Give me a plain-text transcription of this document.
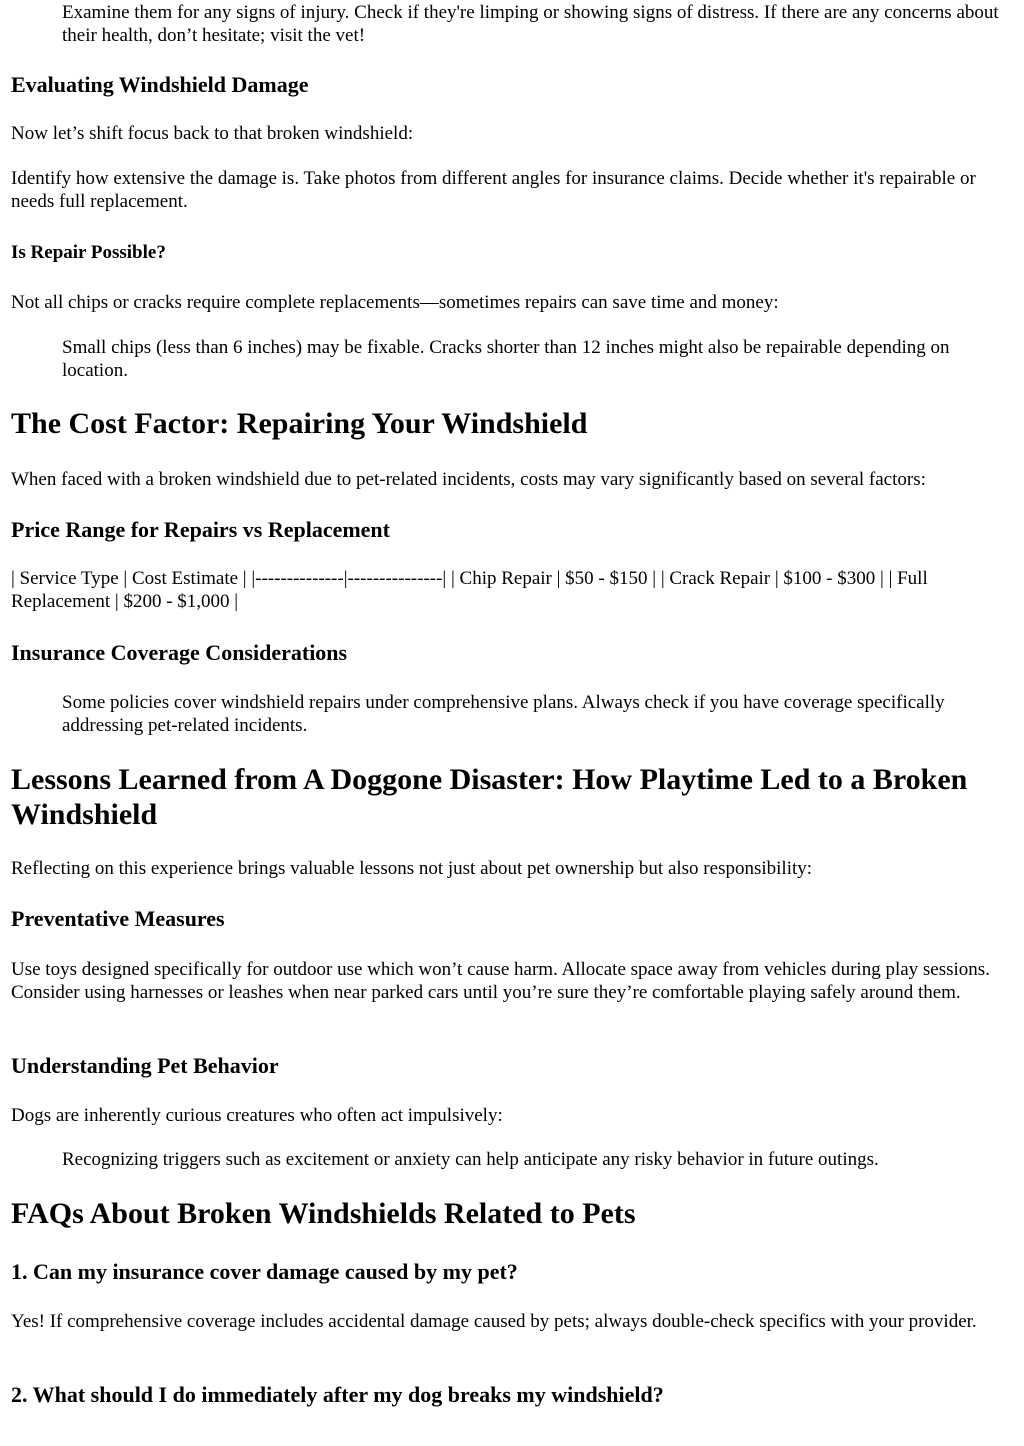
Examine them for any signs of injury. Check if they're limping or showing signs of distress. If there are any concerns about their health, don’t hesitate; visit the vet!

Evaluating Windshield Damage

Now let’s shift focus back to that broken windshield:

Identify how extensive the damage is. Take photos from different angles for insurance claims. Decide whether it's repairable or needs full replacement.

Is Repair Possible?

Not all chips or cracks require complete replacements—sometimes repairs can save time and money:

Small chips (less than 6 inches) may be fixable. Cracks shorter than 12 inches might also be repairable depending on location.

The Cost Factor: Repairing Your Windshield

When faced with a broken windshield due to pet-related incidents, costs may vary significantly based on several factors:

Price Range for Repairs vs Replacement

| Service Type | Cost Estimate | |--------------|---------------| | Chip Repair | $50 - $150 | | Crack Repair | $100 - $300 | | Full Replacement | $200 - $1,000 |

Insurance Coverage Considerations

Some policies cover windshield repairs under comprehensive plans. Always check if you have coverage specifically addressing pet-related incidents.

Lessons Learned from A Doggone Disaster: How Playtime Led to a Broken Windshield

Reflecting on this experience brings valuable lessons not just about pet ownership but also responsibility:

Preventative Measures

Use toys designed specifically for outdoor use which won’t cause harm. Allocate space away from vehicles during play sessions. Consider using harnesses or leashes when near parked cars until you’re sure they’re comfortable playing safely around them.

Understanding Pet Behavior

Dogs are inherently curious creatures who often act impulsively:

Recognizing triggers such as excitement or anxiety can help anticipate any risky behavior in future outings.

FAQs About Broken Windshields Related to Pets
1. Can my insurance cover damage caused by my pet?

Yes! If comprehensive coverage includes accidental damage caused by pets; always double-check specifics with your provider.

2. What should I do immediately after my dog breaks my windshield?
